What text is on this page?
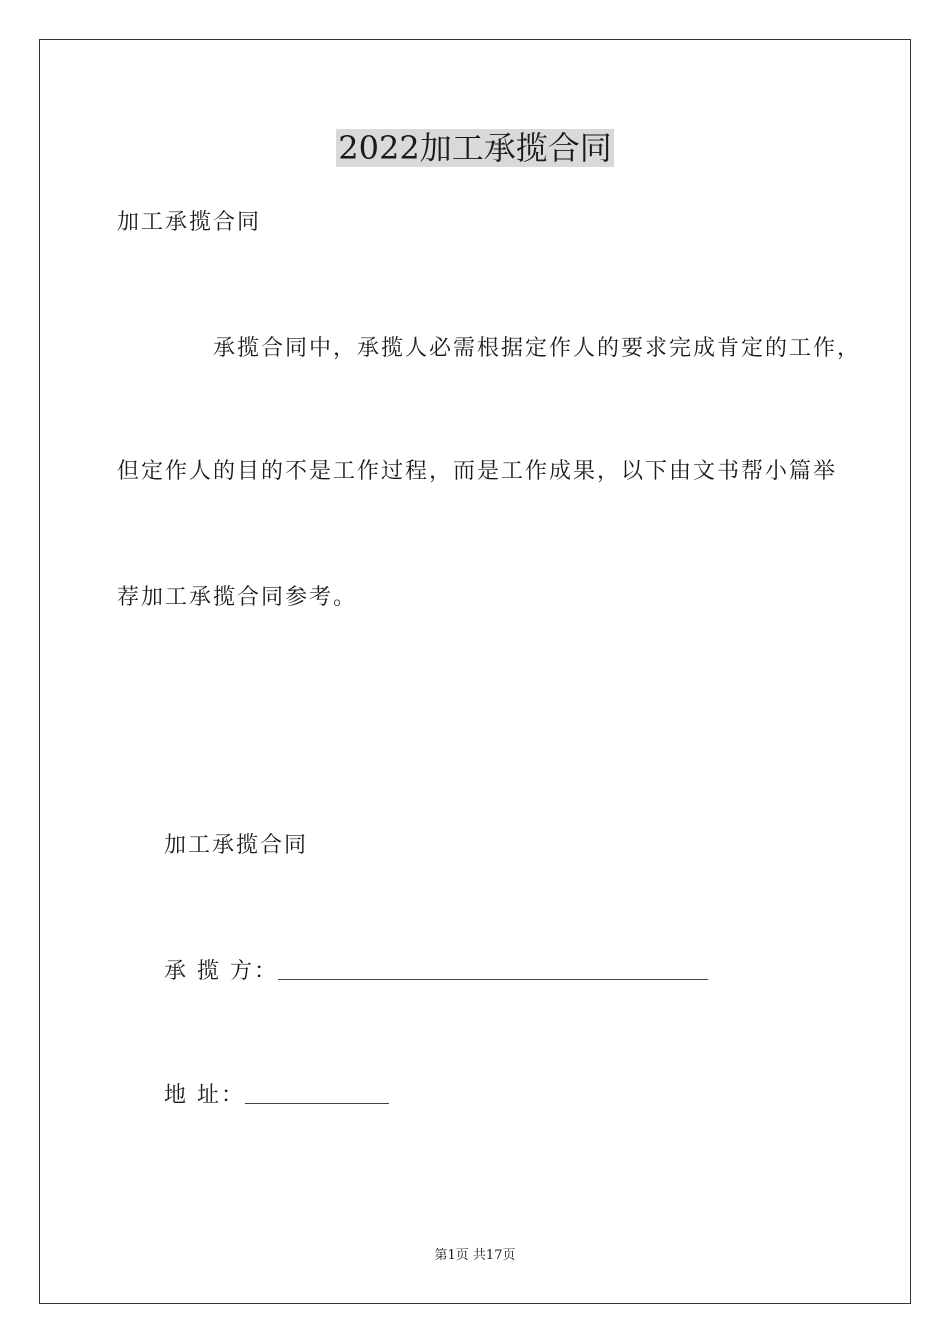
2022加工承揽合同
加工承揽合同
承揽合同中，承揽人必需根据定作人的要求完成肯定的工作，
但定作人的目的不是工作过程，而是工作成果，以下由文书帮小篇举
荐加工承揽合同参考。
加工承揽合同
承 揽 方：
地 址：
第1页 共17页
